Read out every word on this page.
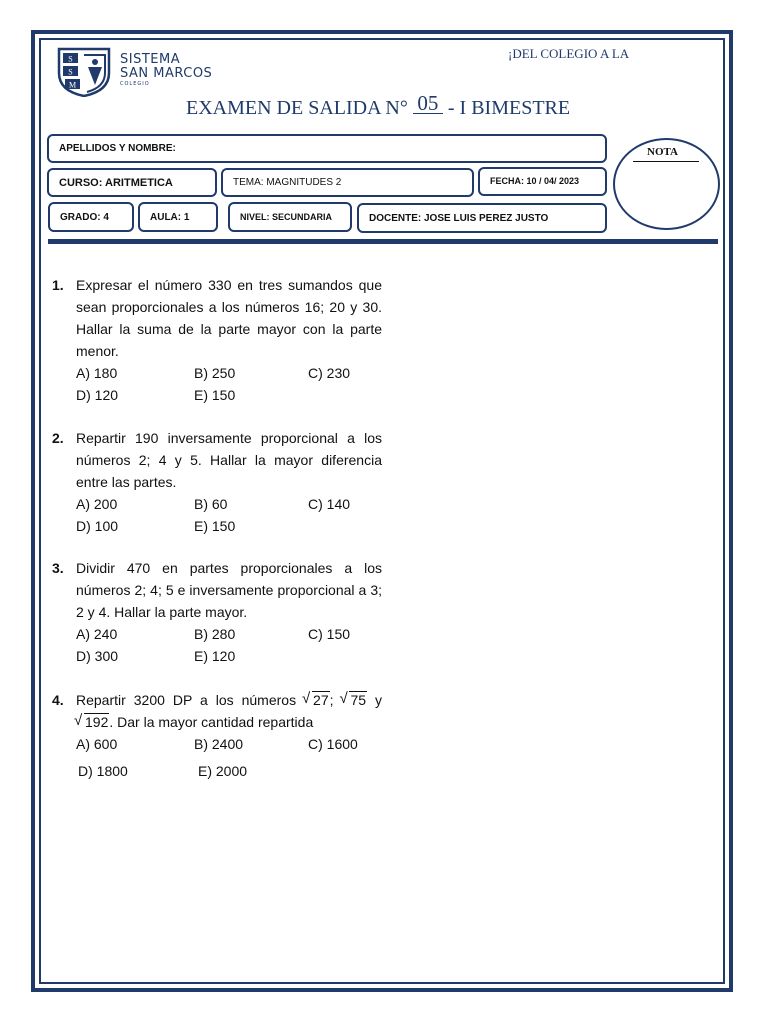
S
S
M
SISTEMA
SAN MARCOS
COLEGIO
¡DEL COLEGIO A LA
EXAMEN DE SALIDA N° 05 - I BIMESTRE
APELLIDOS Y NOMBRE:
CURSO: ARITMETICA	TEMA: MAGNITUDES 2	FECHA: 10 / 04/ 2023
GRADO: 4	AULA: 1	NIVEL: SECUNDARIA	DOCENTE: JOSE LUIS PEREZ JUSTO
NOTA
1. Expresar el número 330 en tres sumandos que sean proporcionales a los números 16; 20 y 30. Hallar la suma de la parte mayor con la parte menor.
A) 180	B) 250	C) 230
D) 120	E) 150
2. Repartir 190 inversamente proporcional a los números 2; 4 y 5. Hallar la mayor diferencia entre las partes.
A) 200	B) 60	C) 140
D) 100	E) 150
3. Dividir 470 en partes proporcionales a los números 2; 4; 5 e inversamente proporcional a 3; 2 y 4. Hallar la parte mayor.
A) 240	B) 280	C) 150
D) 300	E) 120
4. Repartir 3200 DP a los números √ 27; √ 75 y √ 192. Dar la mayor cantidad repartida
A) 600	B) 2400	C) 1600
D) 1800	E) 2000
